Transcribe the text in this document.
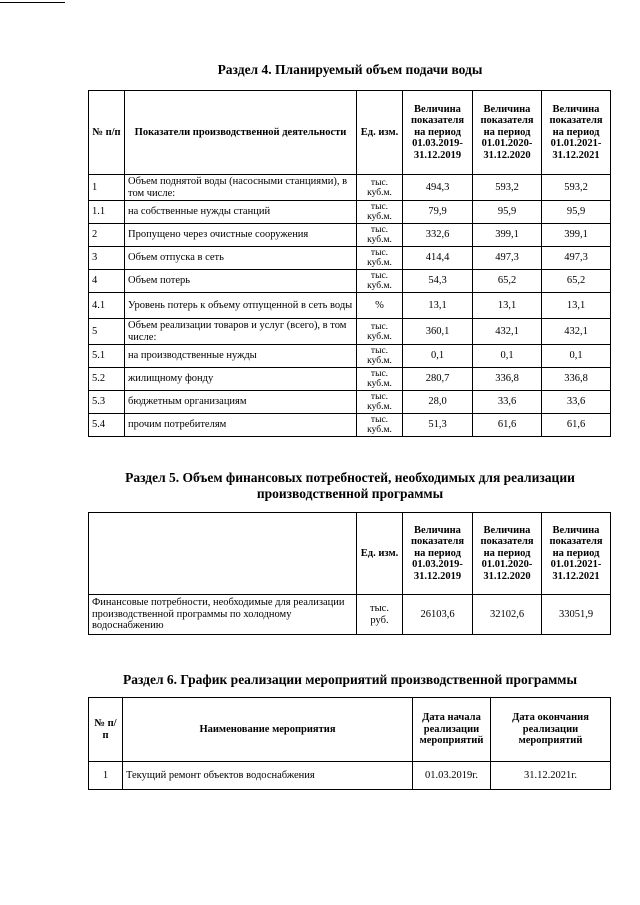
Раздел 4. Планируемый объем подачи воды
№ п/п	Показатели производственной деятельности	Ед. изм.	Величина показателя на период 01.03.2019-31.12.2019	Величина показателя на период 01.01.2020-31.12.2020	Величина показателя на период 01.01.2021-31.12.2021
1	Объем поднятой воды (насосными станциями), в том числе:	тыс. куб.м.	494,3	593,2	593,2
1.1	на собственные нужды станций	тыс. куб.м.	79,9	95,9	95,9
2	Пропущено через очистные сооружения	тыс. куб.м.	332,6	399,1	399,1
3	Объем отпуска в сеть	тыс. куб.м.	414,4	497,3	497,3
4	Объем потерь	тыс. куб.м.	54,3	65,2	65,2
4.1	Уровень потерь к объему отпущенной в сеть воды	%	13,1	13,1	13,1
5	Объем реализации товаров и услуг (всего), в том числе:	тыс. куб.м.	360,1	432,1	432,1
5.1	на производственные нужды	тыс. куб.м.	0,1	0,1	0,1
5.2	жилищному фонду	тыс. куб.м.	280,7	336,8	336,8
5.3	бюджетным организациям	тыс. куб.м.	28,0	33,6	33,6
5.4	прочим потребителям	тыс. куб.м.	51,3	61,6	61,6
Раздел 5. Объем финансовых потребностей, необходимых для реализации
производственной программы
	Ед. изм.	Величина показателя на период 01.03.2019-31.12.2019	Величина показателя на период 01.01.2020-31.12.2020	Величина показателя на период 01.01.2021-31.12.2021
Финансовые потребности, необходимые для реализации производственной программы по холодному водоснабжению	тыс. руб.	26103,6	32102,6	33051,9
Раздел 6. График реализации мероприятий производственной программы
№ п/п	Наименование мероприятия	Дата начала реализации мероприятий	Дата окончания реализации мероприятий
1	Текущий ремонт объектов водоснабжения	01.03.2019г.	31.12.2021г.
